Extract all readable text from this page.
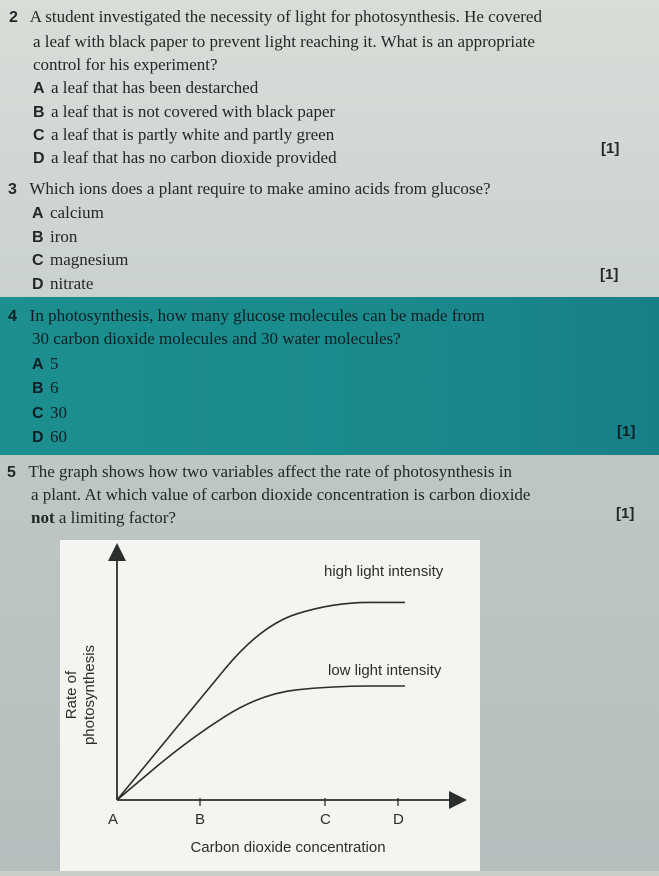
2 A student investigated the necessity of light for photosynthesis. He covered
a leaf with black paper to prevent light reaching it. What is an appropriate
control for his experiment?
A a leaf that has been destarched
B a leaf that is not covered with black paper
C a leaf that is partly white and partly green
D a leaf that has no carbon dioxide provided	[1]
3 Which ions does a plant require to make amino acids from glucose?
A calcium
B iron
C magnesium
D nitrate	[1]
4 In photosynthesis, how many glucose molecules can be made from
30 carbon dioxide molecules and 30 water molecules?
A 5
B 6
C 30
D 60	[1]
5 The graph shows how two variables affect the rate of photosynthesis in
a plant. At which value of carbon dioxide concentration is carbon dioxide
not a limiting factor?	[1]
high light intensity
low light intensity
A	B	C	D
Carbon dioxide concentration
Rate of photosynthesis
